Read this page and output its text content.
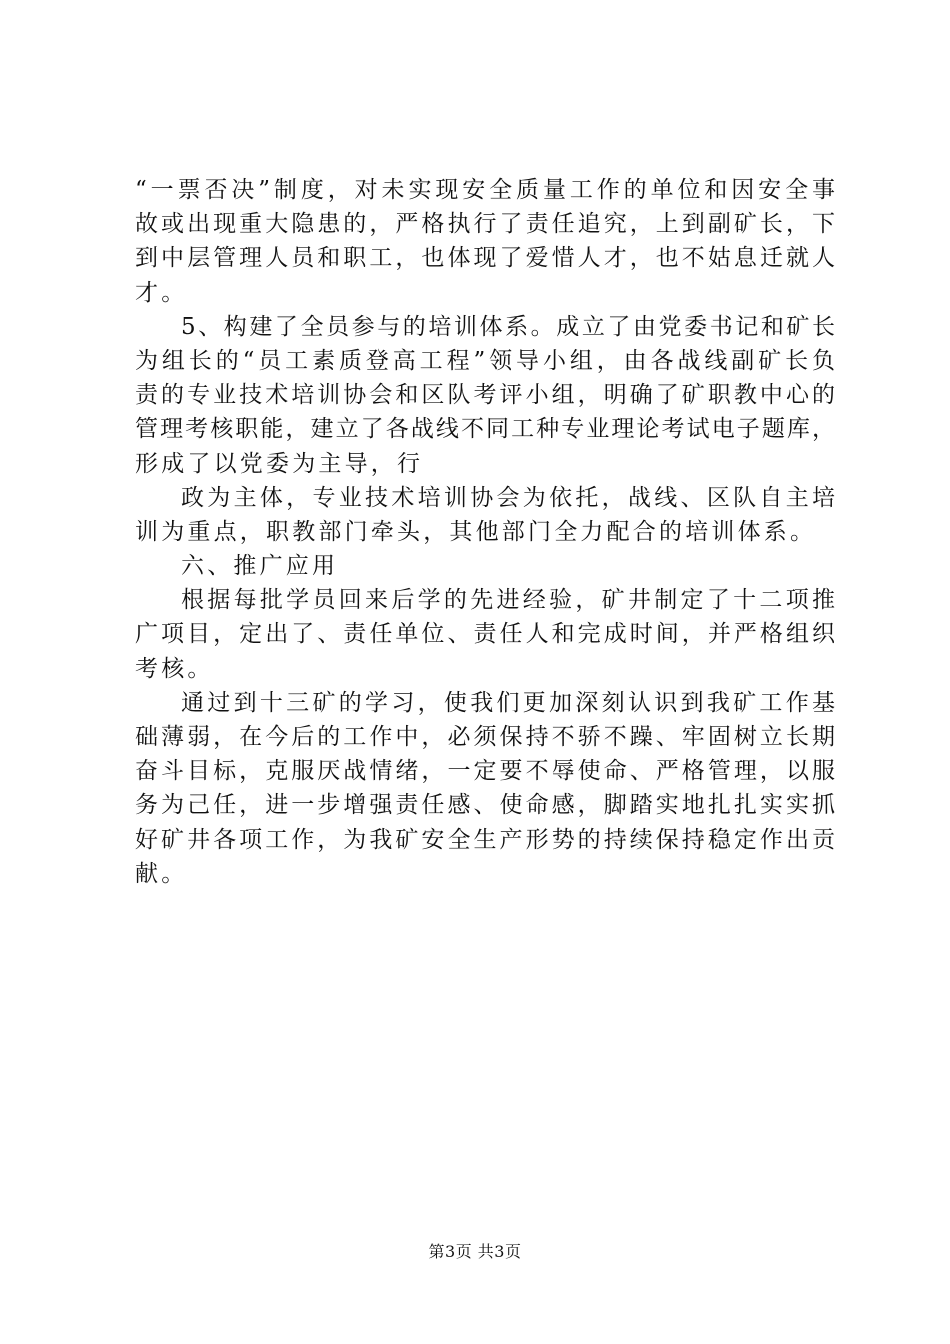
“一票否决”制度，对未实现安全质量工作的单位和因安全事
故或出现重大隐患的，严格执行了责任追究，上到副矿长，下
到中层管理人员和职工，也体现了爱惜人才，也不姑息迁就人
才。
5、构建了全员参与的培训体系。成立了由党委书记和矿长
为组长的“员工素质登高工程”领导小组，由各战线副矿长负
责的专业技术培训协会和区队考评小组，明确了矿职教中心的
管理考核职能，建立了各战线不同工种专业理论考试电子题库，
形成了以党委为主导，行
政为主体，专业技术培训协会为依托，战线、区队自主培
训为重点，职教部门牵头，其他部门全力配合的培训体系。
六、推广应用
根据每批学员回来后学的先进经验，矿井制定了十二项推
广项目，定出了、责任单位、责任人和完成时间，并严格组织
考核。
通过到十三矿的学习，使我们更加深刻认识到我矿工作基
础薄弱，在今后的工作中，必须保持不骄不躁、牢固树立长期
奋斗目标，克服厌战情绪，一定要不辱使命、严格管理，以服
务为己任，进一步增强责任感、使命感，脚踏实地扎扎实实抓
好矿井各项工作，为我矿安全生产形势的持续保持稳定作出贡
献。
第3页 共3页
